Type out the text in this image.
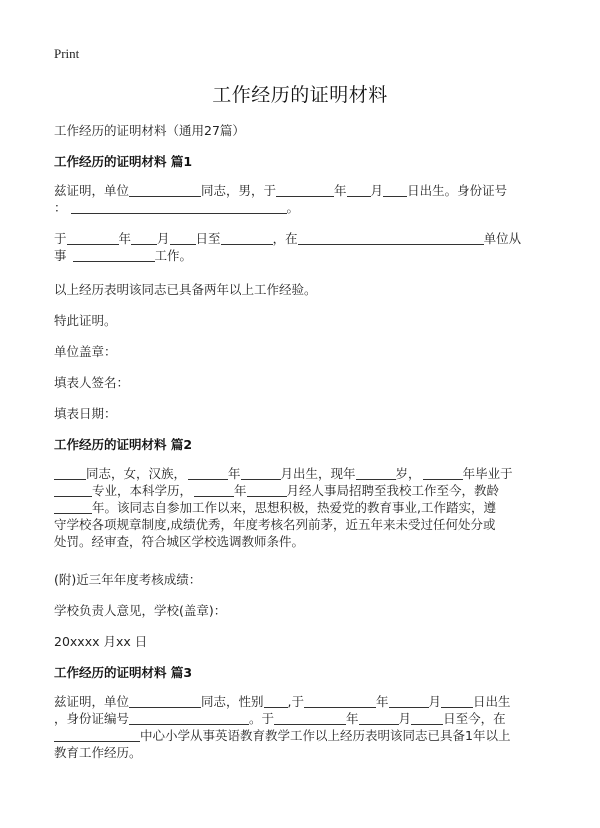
Print
工作经历的证明材料
工作经历的证明材料（通用27篇）
工作经历的证明材料 篇1
兹证明，单位	同志，男，于	年 月 日出生。身份证号
：	。
于	年 月 日至	，在	单位从
事	工作。
以上经历表明该同志已具备两年以上工作经验。
特此证明。
单位盖章：
填表人签名：
填表日期：
工作经历的证明材料 篇2
同志，女，汉族，	年	月出生，现年	岁，	年毕业于
专业，本科学历，	年	月经人事局招聘至我校工作至今，教龄
年。该同志自参加工作以来，思想积极，热爱党的教育事业,工作踏实，遵
守学校各项规章制度,成绩优秀，年度考核名列前茅，近五年来未受过任何处分或
处罚。经审查，符合城区学校选调教师条件。
(附)近三年年度考核成绩：
学校负责人意见，学校(盖章)：
20xxxx 月xx 日
工作经历的证明材料 篇3
兹证明，单位	同志，性别 ,于	年	月	日出生
，身份证编号	。于	年	月	日至今，在
中心小学从事英语教育教学工作以上经历表明该同志已具备1年以上
教育工作经历。
